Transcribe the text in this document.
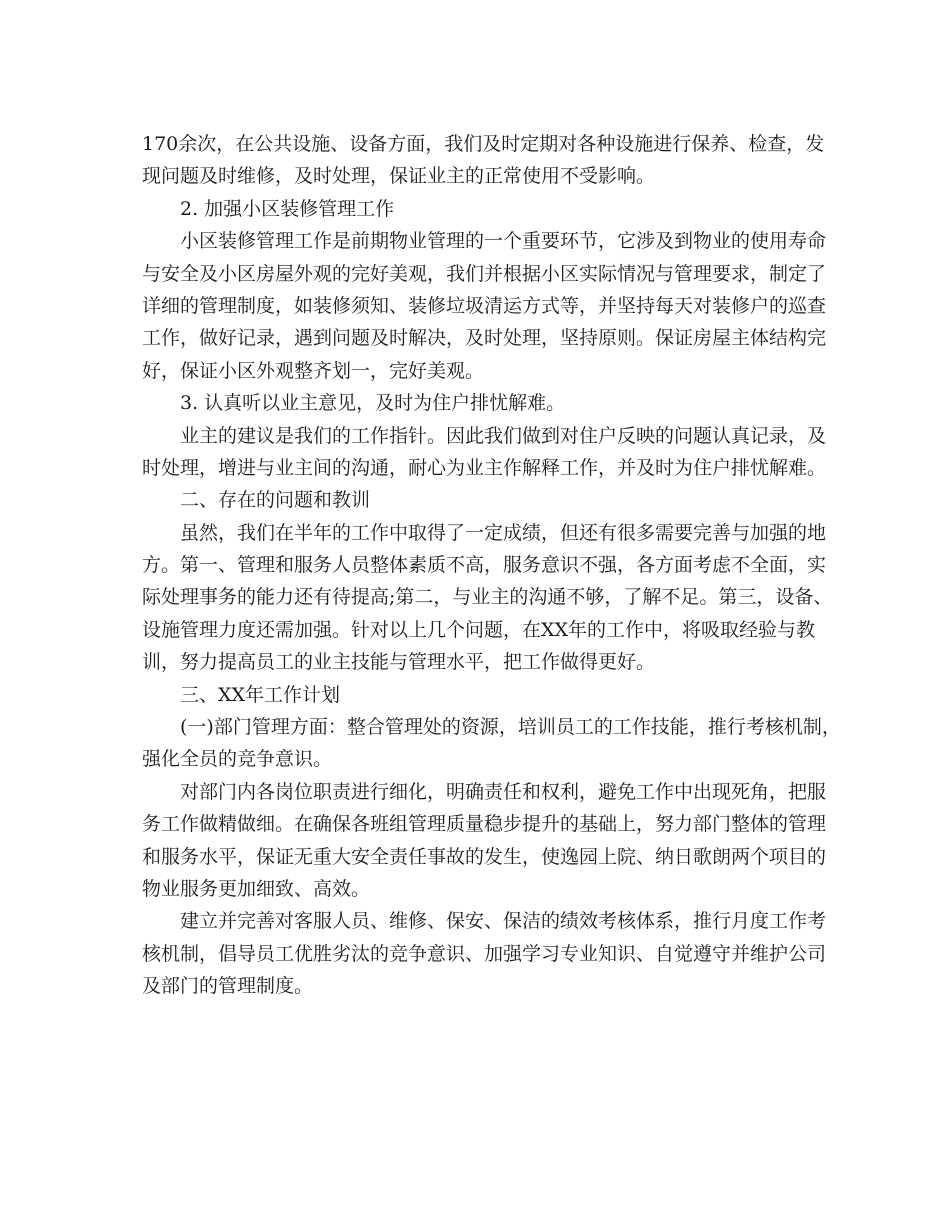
170余次，在公共设施、设备方面，我们及时定期对各种设施进行保养、检查，发
现问题及时维修，及时处理，保证业主的正常使用不受影响。
2. 加强小区装修管理工作
小区装修管理工作是前期物业管理的一个重要环节，它涉及到物业的使用寿命
与安全及小区房屋外观的完好美观，我们并根据小区实际情况与管理要求，制定了
详细的管理制度，如装修须知、装修垃圾清运方式等，并坚持每天对装修户的巡查
工作，做好记录，遇到问题及时解决，及时处理，坚持原则。保证房屋主体结构完
好，保证小区外观整齐划一，完好美观。
3. 认真听以业主意见，及时为住户排忧解难。
业主的建议是我们的工作指针。因此我们做到对住户反映的问题认真记录，及
时处理，增进与业主间的沟通，耐心为业主作解释工作，并及时为住户排忧解难。
二、存在的问题和教训
虽然，我们在半年的工作中取得了一定成绩，但还有很多需要完善与加强的地
方。第一、管理和服务人员整体素质不高，服务意识不强，各方面考虑不全面，实
际处理事务的能力还有待提高;第二，与业主的沟通不够，了解不足。第三，设备、
设施管理力度还需加强。针对以上几个问题，在XX年的工作中，将吸取经验与教
训，努力提高员工的业主技能与管理水平，把工作做得更好。
三、XX年工作计划
(一)部门管理方面：整合管理处的资源，培训员工的工作技能，推行考核机制，
强化全员的竞争意识。
对部门内各岗位职责进行细化，明确责任和权利，避免工作中出现死角，把服
务工作做精做细。在确保各班组管理质量稳步提升的基础上，努力部门整体的管理
和服务水平，保证无重大安全责任事故的发生，使逸园上院、纳日歌朗两个项目的
物业服务更加细致、高效。
建立并完善对客服人员、维修、保安、保洁的绩效考核体系，推行月度工作考
核机制，倡导员工优胜劣汰的竞争意识、加强学习专业知识、自觉遵守并维护公司
及部门的管理制度。
